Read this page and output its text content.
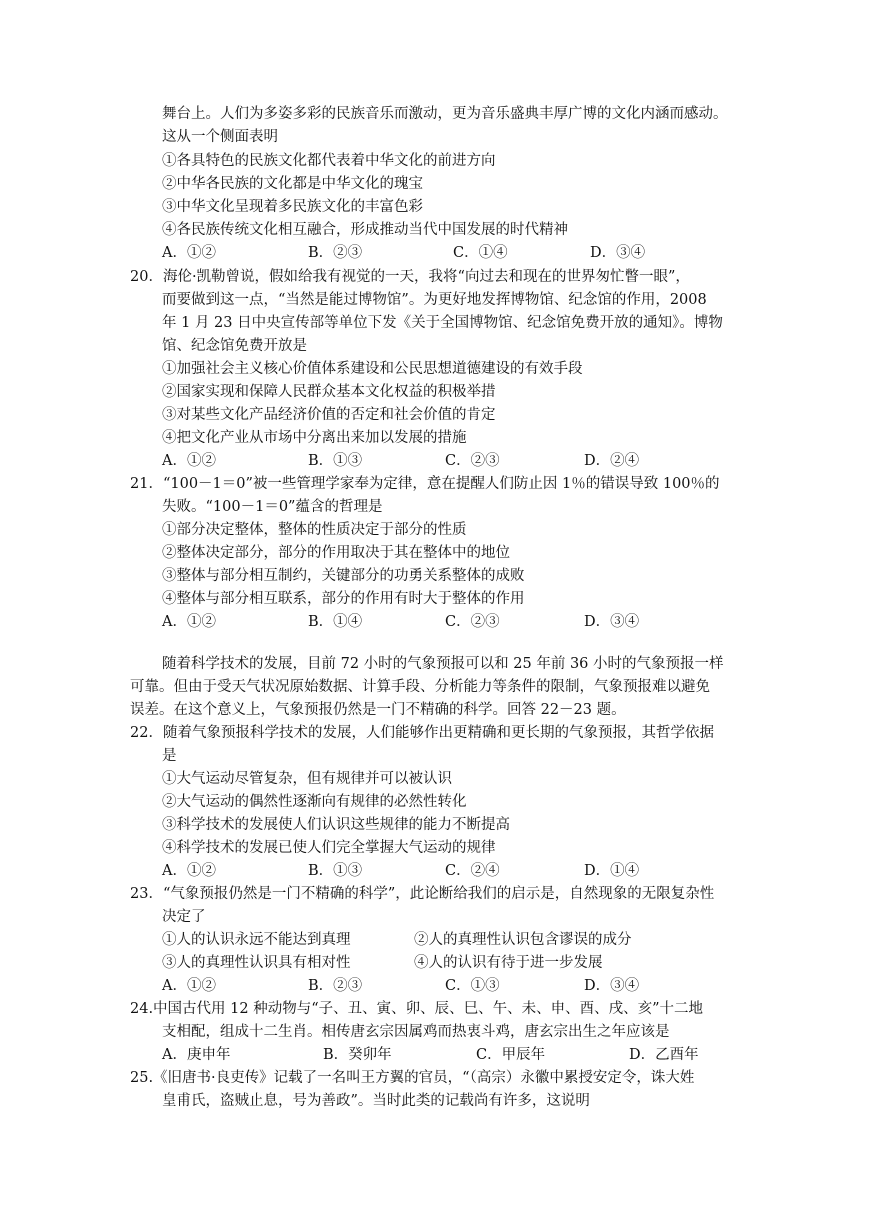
舞台上。人们为多姿多彩的民族音乐而激动，更为音乐盛典丰厚广博的文化内涵而感动。
这从一个侧面表明
①各具特色的民族文化都代表着中华文化的前进方向
②中华各民族的文化都是中华文化的瑰宝
③中华文化呈现着多民族文化的丰富色彩
④各民族传统文化相互融合，形成推动当代中国发展的时代精神
A．①②	B．②③	C．①④	D．③④
20．海伦·凯勒曾说，假如给我有视觉的一天，我将“向过去和现在的世界匆忙瞥一眼”，
而要做到这一点，“当然是能过博物馆”。为更好地发挥博物馆、纪念馆的作用，2008
年 1 月 23 日中央宣传部等单位下发《关于全国博物馆、纪念馆免费开放的通知》。博物
馆、纪念馆免费开放是
①加强社会主义核心价值体系建设和公民思想道德建设的有效手段
②国家实现和保障人民群众基本文化权益的积极举措
③对某些文化产品经济价值的否定和社会价值的肯定
④把文化产业从市场中分离出来加以发展的措施
A．①②	B．①③	C．②③	D．②④
21．“100－1＝0”被一些管理学家奉为定律，意在提醒人们防止因 1％的错误导致 100％的
失败。“100－1＝0”蕴含的哲理是
①部分决定整体，整体的性质决定于部分的性质
②整体决定部分，部分的作用取决于其在整体中的地位
③整体与部分相互制约，关键部分的功勇关系整体的成败
④整体与部分相互联系，部分的作用有时大于整体的作用
A．①②	B．①④	C．②③	D．③④
随着科学技术的发展，目前 72 小时的气象预报可以和 25 年前 36 小时的气象预报一样
可靠。但由于受天气状况原始数据、计算手段、分析能力等条件的限制，气象预报难以避免
误差。在这个意义上，气象预报仍然是一门不精确的科学。回答 22－23 题。
22．随着气象预报科学技术的发展，人们能够作出更精确和更长期的气象预报，其哲学依据
是
①大气运动尽管复杂，但有规律并可以被认识
②大气运动的偶然性逐渐向有规律的必然性转化
③科学技术的发展使人们认识这些规律的能力不断提高
④科学技术的发展已使人们完全掌握大气运动的规律
A．①②	B．①③	C．②④	D．①④
23．“气象预报仍然是一门不精确的科学”，此论断给我们的启示是，自然现象的无限复杂性
决定了
①人的认识永远不能达到真理	②人的真理性认识包含谬误的成分
③人的真理性认识具有相对性	④人的认识有待于进一步发展
A．①②	B．②③	C．①③	D．③④
24.中国古代用 12 种动物与“子、丑、寅、卯、辰、巳、午、未、申、酉、戌、亥”十二地
支相配，组成十二生肖。相传唐玄宗因属鸡而热衷斗鸡，唐玄宗出生之年应该是
A．庚申年	B．癸卯年	C．甲辰年	D．乙酉年
25.《旧唐书·良吏传》记载了一名叫王方翼的官员，“（高宗）永徽中累授安定令，诛大姓
皇甫氏，盗贼止息，号为善政”。当时此类的记载尚有许多，这说明
